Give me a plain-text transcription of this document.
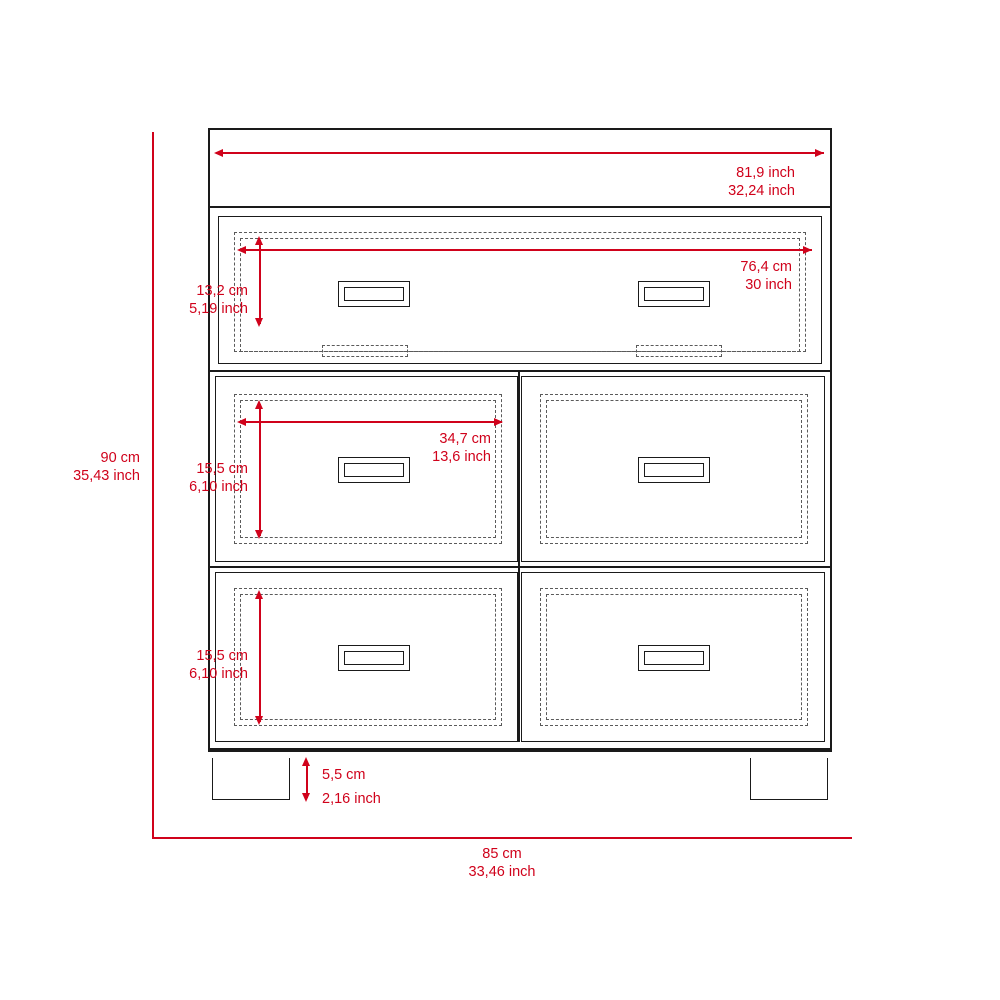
90 cm
35,43 inch
85 cm
33,46 inch
81,9 inch
32,24 inch
76,4 cm
30 inch
13,2 cm
5,19 inch
34,7 cm
13,6 inch
15,5 cm
6,10 inch
15,5 cm
6,10 inch
5,5 cm
2,16 inch
